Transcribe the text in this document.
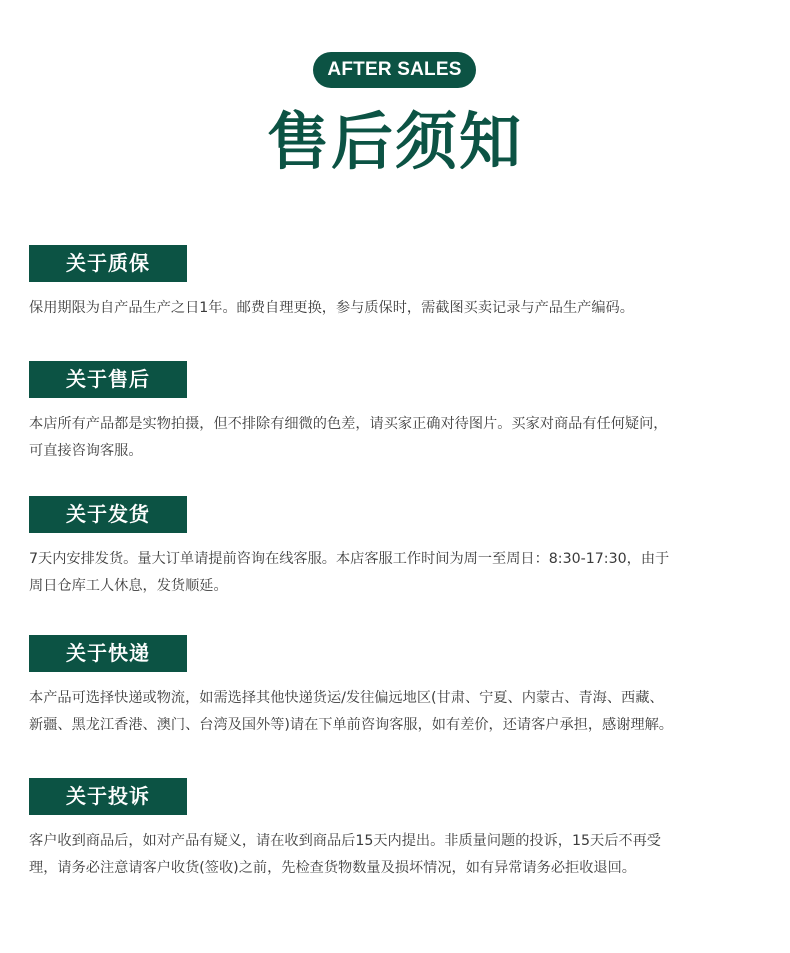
AFTER SALES
售后须知
关于质保
保用期限为自产品生产之日1年。邮费自理更换，参与质保时，需截图买卖记录与产品生产编码。
关于售后
本店所有产品都是实物拍摄，但不排除有细微的色差，请买家正确对待图片。买家对商品有任何疑问，
可直接咨询客服。
关于发货
7天内安排发货。量大订单请提前咨询在线客服。本店客服工作时间为周一至周日：8:30-17:30，由于
周日仓库工人休息，发货顺延。
关于快递
本产品可选择快递或物流，如需选择其他快递货运/发往偏远地区(甘肃、宁夏、内蒙古、青海、西藏、
新疆、黑龙江香港、澳门、台湾及国外等)请在下单前咨询客服，如有差价，还请客户承担，感谢理解。
关于投诉
客户收到商品后，如对产品有疑义，请在收到商品后15天内提出。非质量问题的投诉，15天后不再受
理，请务必注意请客户收货(签收)之前，先检查货物数量及损坏情况，如有异常请务必拒收退回。
